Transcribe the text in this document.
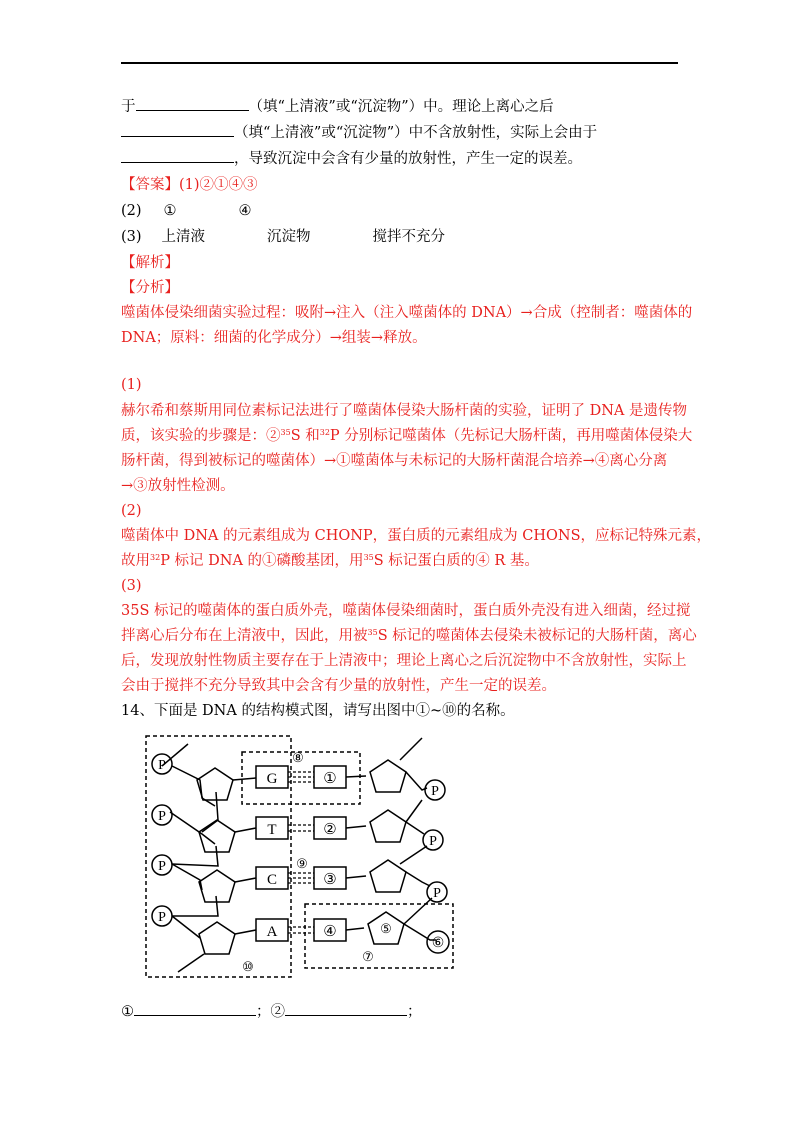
于	（填“上清液”或“沉淀物”）中。理论上离心之后
（填“上清液”或“沉淀物”）中不含放射性，实际上会由于
，导致沉淀中会含有少量的放射性，产生一定的误差。
【答案】(1)②①④③
(2) ①	④
(3) 上清液	沉淀物	搅拌不充分
【解析】
【分析】
噬菌体侵染细菌实验过程：吸附→注入（注入噬菌体的 DNA）→合成（控制者：噬菌体的
DNA；原料：细菌的化学成分）→组装→释放。
(1)
赫尔希和蔡斯用同位素标记法进行了噬菌体侵染大肠杆菌的实验，证明了 DNA 是遗传物
质，该实验的步骤是：②$^{35}$S 和$^{32}$P 分别标记噬菌体（先标记大肠杆菌，再用噬菌体侵染大
肠杆菌，得到被标记的噬菌体）→①噬菌体与未标记的大肠杆菌混合培养→④离心分离
→③放射性检测。
(2)
噬菌体中 DNA 的元素组成为 CHONP，蛋白质的元素组成为 CHONS，应标记特殊元素，
故用$^{32}$P 标记 DNA 的①磷酸基团，用$^{35}$S 标记蛋白质的④ R 基。
(3)
35S 标记的噬菌体的蛋白质外壳，噬菌体侵染细菌时，蛋白质外壳没有进入细菌，经过搅
拌离心后分布在上清液中，因此，用被$^{35}$S 标记的噬菌体去侵染未被标记的大肠杆菌，离心
后，发现放射性物质主要存在于上清液中；理论上离心之后沉淀物中不含放射性，实际上
会由于搅拌不充分导致其中会含有少量的放射性，产生一定的误差。
14、下面是 DNA 的结构模式图，请写出图中①~⑩的名称。
P
P
P
P
G
T
C
A
⑧
⑨
①
②
③
④	⑤
P
P
P
⑥
⑦
⑩
①	；②	；
